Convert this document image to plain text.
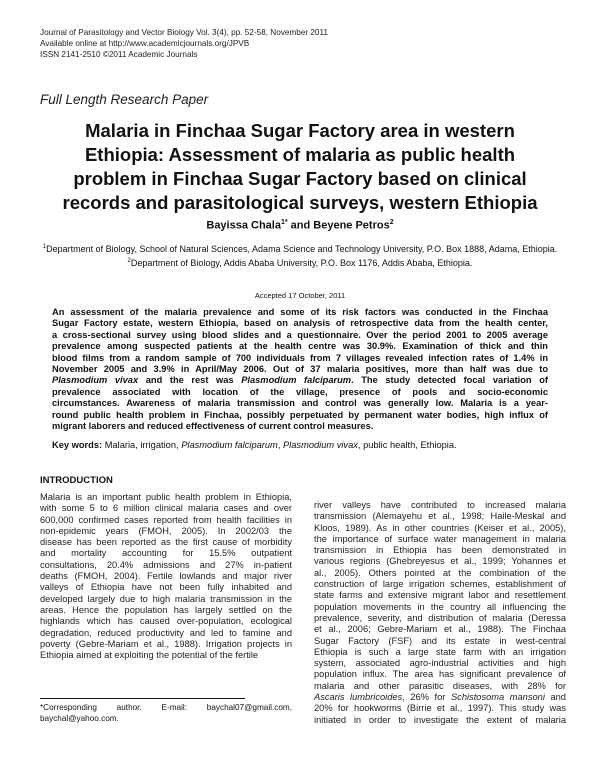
Journal of Parasitology and Vector Biology Vol. 3(4), pp. 52-58, November 2011
Available online at http://www.academicjournals.org/JPVB
ISSN 2141-2510 ©2011 Academic Journals
Full Length Research Paper
Malaria in Finchaa Sugar Factory area in western
Ethiopia: Assessment of malaria as public health
problem in Finchaa Sugar Factory based on clinical
records and parasitological surveys, western Ethiopia
Bayissa Chala$^{1*}$ and Beyene Petros$^2$
$^1$Department of Biology, School of Natural Sciences, Adama Science and Technology University, P.O. Box 1888, Adama, Ethiopia.
$^2$Department of Biology, Addis Ababa University, P.O. Box 1176, Addis Ababa, Ethiopia.
Accepted 17 October, 2011
An assessment of the malaria prevalence and some of its risk factors was conducted in the Finchaa
Sugar Factory estate, western Ethiopia, based on analysis of retrospective data from the health center,
a cross-sectional survey using blood slides and a questionnaire. Over the period 2001 to 2005 average
prevalence among suspected patients at the health centre was 30.9%. Examination of thick and thin
blood films from a random sample of 700 individuals from 7 villages revealed infection rates of 1.4% in
November 2005 and 3.9% in April/May 2006. Out of 37 malaria positives, more than half was due to
Plasmodium vivax and the rest was Plasmodium falciparum. The study detected focal variation of
prevalence associated with location of the village, presence of pools and socio-economic
circumstances. Awareness of malaria transmission and control was generally low. Malaria is a year-
round public health problem in Finchaa, possibly perpetuated by permanent water bodies, high influx of
migrant laborers and reduced effectiveness of current control measures.
Key words: Malaria, irrigation, Plasmodium falciparum, Plasmodium vivax, public health, Ethiopia.
INTRODUCTION
Malaria is an important public health problem in Ethiopia,
with some 5 to 6 million clinical malaria cases and over
600,000 confirmed cases reported from health facilities in
non-epidemic years (FMOH, 2005). In 2002/03 the
disease has been reported as the first cause of morbidity
and mortality accounting for 15.5% outpatient
consultations, 20.4% admissions and 27% in-patient
deaths (FMOH, 2004). Fertile lowlands and major river
valleys of Ethiopia have not been fully inhabited and
developed largely due to high malaria transmission in the
areas. Hence the population has largely settled on the
highlands which has caused over-population, ecological
degradation, reduced productivity and led to famine and
poverty (Gebre-Mariam et al., 1988). Irrigation projects in
Ethiopia aimed at exploiting the potential of the fertile
river valleys have contributed to increased malaria
transmission (Alemayehu et al., 1998; Haile-Meskal and
Kloos, 1989). As in other countries (Keiser et al., 2005),
the importance of surface water management in malaria
transmission in Ethiopia has been demonstrated in
various regions (Ghebreyesus et al., 1999; Yohannes et
al., 2005). Others pointed at the combination of the
construction of large irrigation schemes, establishment of
state farms and extensive migrant labor and resettlement
population movements in the country all influencing the
prevalence, severity, and distribution of malaria (Deressa
et al., 2006; Gebre-Mariam et al., 1988). The Finchaa
Sugar Factory (FSF) and its estate in west-central
Ethiopia is such a large state farm with an irrigation
system, associated agro-industrial activities and high
population influx. The area has significant prevalence of
malaria and other parasitic diseases, with 28% for
Ascaris lumbricoides, 26% for Schistosoma mansoni and
20% for hookworms (Birrie et al., 1997). This study was
initiated in order to investigate the extent of malaria
*Corresponding author. E-mail: baychal07@gmail.com,
baychal@yahoo.com.
